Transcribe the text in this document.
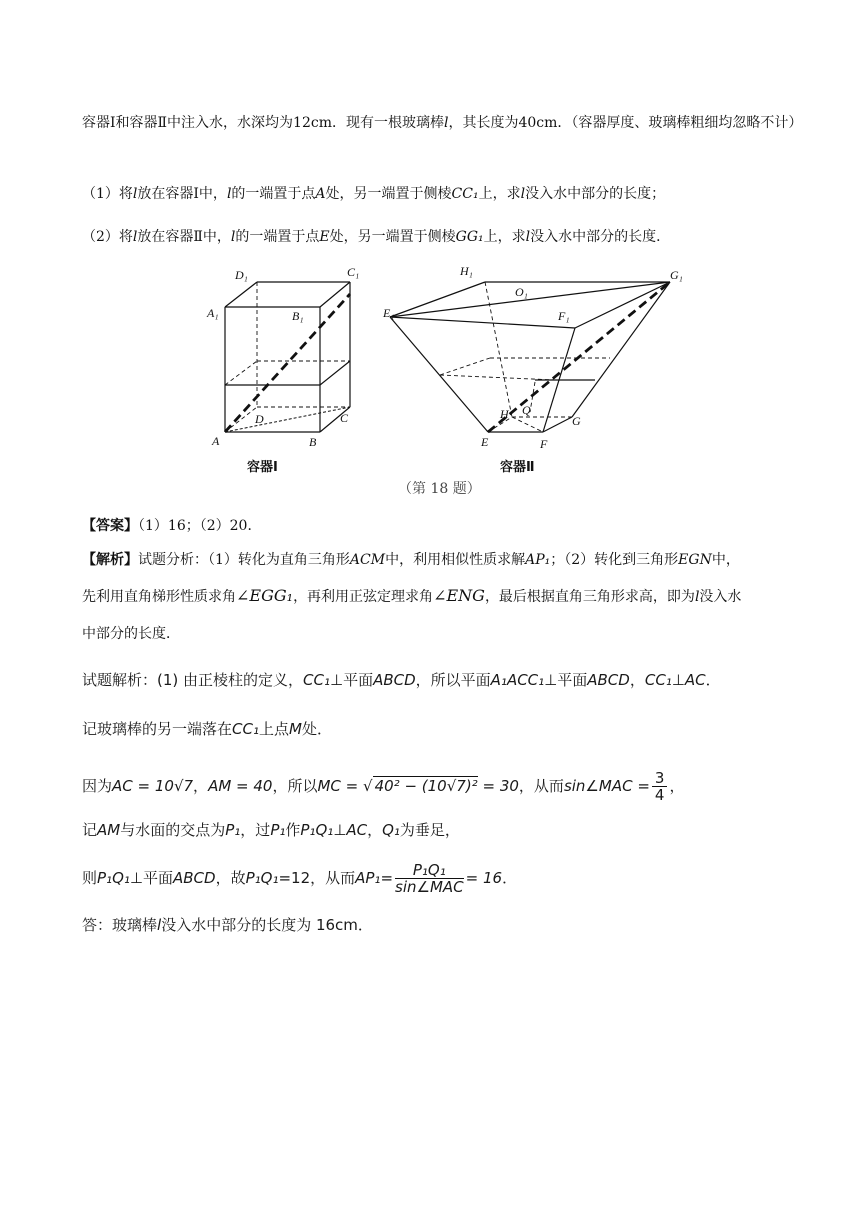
容器Ⅰ和容器Ⅱ中注入水，水深均为12cm．现有一根玻璃棒l，其长度为40cm．（容器厚度、玻璃棒粗细均忽略不计）
（1）将l放在容器Ⅰ中，l的一端置于点A处，另一端置于侧棱CC₁上，求l没入水中部分的长度；
（2）将l放在容器Ⅱ中，l的一端置于点E处，另一端置于侧棱GG₁上，求l没入水中部分的长度．
A	B
C
D
A₁	B₁
C₁
D₁
容器Ⅰ
E	F
G
H Q
E₁	F₁
G₁
H₁
O₁
容器Ⅱ
（第 18 题）
【答案】（1）16；（2）20．
【解析】试题分析：（1）转化为直角三角形ACM中，利用相似性质求解AP₁；（2）转化到三角形EGN中，
先利用直角梯形性质求角∠EGG₁，再利用正弦定理求角∠ENG，最后根据直角三角形求高，即为l没入水
中部分的长度．
试题解析：(1) 由正棱柱的定义，CC₁⊥平面ABCD，所以平面A₁ACC₁⊥平面ABCD，CC₁⊥AC．
记玻璃棒的另一端落在CC₁上点M处．
因为AC = 10√7，AM = 40，所以MC = √ 40² − (10√7)² = 30，从而sin∠MAC = $\frac{3}{4}$ ，
记AM与水面的交点为P₁，过P₁作P₁Q₁⊥AC，Q₁为垂足，
则P₁Q₁⊥平面ABCD，故P₁Q₁=12，从而$AP_1= \frac{\text{P₁Q₁}}{\text{sin∠MAC}} = 16$．
答：玻璃棒l没入水中部分的长度为 16cm．
